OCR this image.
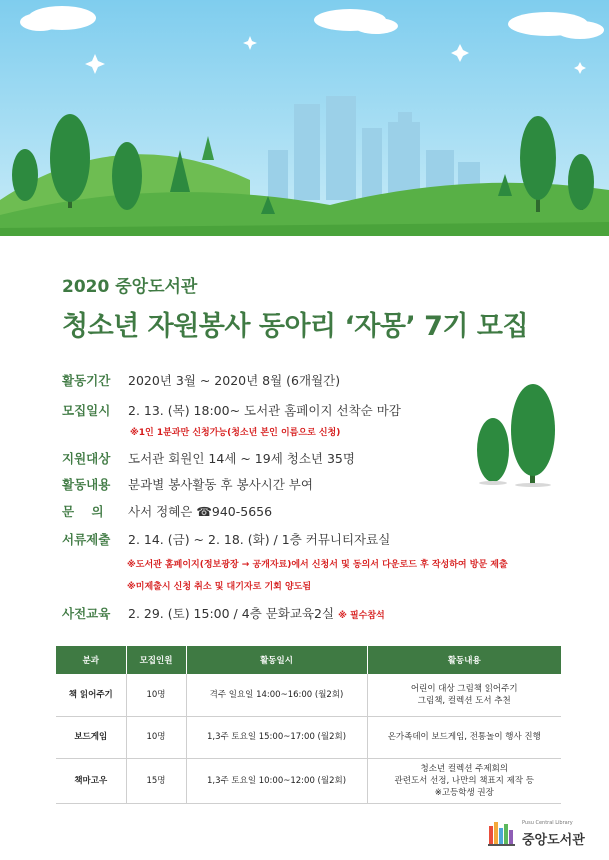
2020 중앙도서관
청소년 자원봉사 동아리 ‘자몽’ 7기 모집
활동기간 2020년 3월 ~ 2020년 8월 (6개월간)
모집일시 2. 13. (목) 18:00~ 도서관 홈페이지 선착순 마감
※1인 1분과만 신청가능(청소년 본인 이름으로 신청)
지원대상 도서관 회원인 14세 ~ 19세 청소년 35명
활동내용 분과별 봉사활동 후 봉사시간 부여
문    의 사서 정혜은 ☎940-5656
서류제출 2. 14. (금) ~ 2. 18. (화) / 1층 커뮤니티자료실
※도서관 홈페이지(정보광장 → 공개자료)에서 신청서 및 동의서 다운로드 후 작성하여 방문 제출
※미제출시 신청 취소 및 대기자로 기회 양도됨
사전교육 2. 29. (토) 15:00 / 4층 문화교육2실 ※ 필수참석
분과	모집인원	활동일시	활동내용
책 읽어주기	10명	격주 일요일 14:00~16:00 (월2회)	어린이 대상 그림책 읽어주기
그림책, 컬렉션 도서 추천

보드게임	10명	1,3주 토요일 15:00~17:00 (월2회)	온가족데이 보드게임, 전통놀이 행사 진행

책마고우	15명	1,3주 토요일 10:00~12:00 (월2회)	청소년 컬렉션 주제회의
관련도서 선정, 나만의 책표지 제작 등
※고등학생 권장
Pusu Central Library
중앙도서관
